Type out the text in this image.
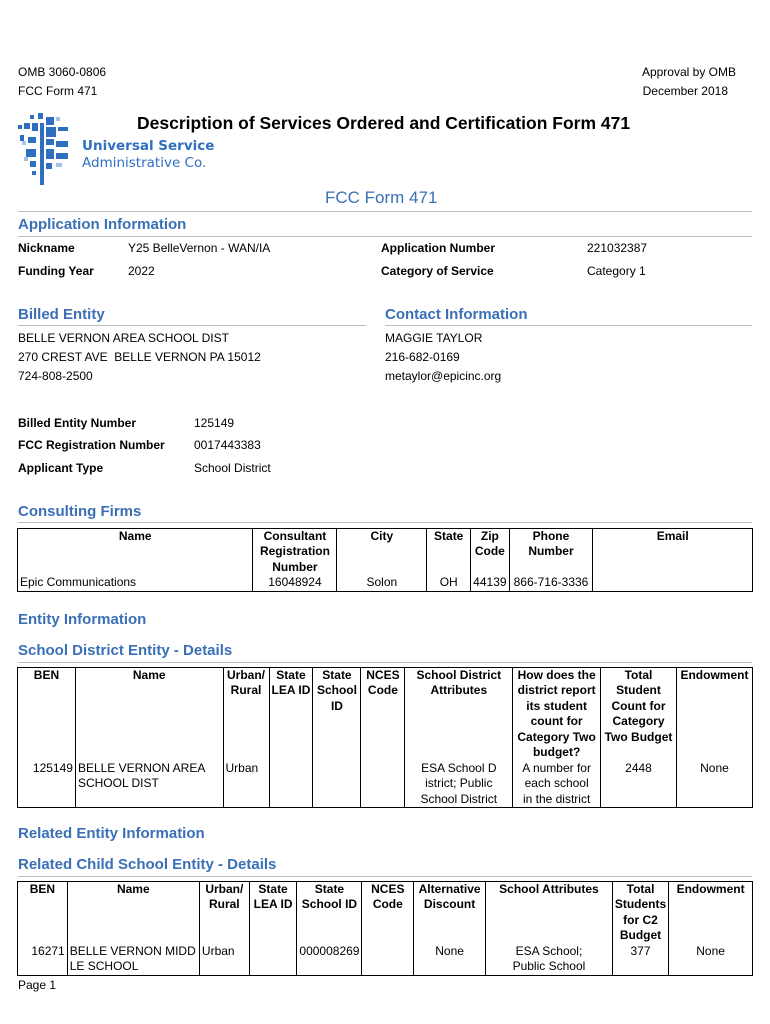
OMB 3060-0806
FCC Form 471
Approval by OMB
December 2018
Universal Service
Administrative Co.
Description of Services Ordered and Certification Form 471
FCC Form 471
Application Information
Nickname	Y25 BelleVernon - WAN/IA	Application Number	221032387
Funding Year	2022	Category of Service	Category 1
Billed Entity	Contact Information
BELLE VERNON AREA SCHOOL DIST
270 CREST AVE  BELLE VERNON PA 15012
724-808-2500
MAGGIE TAYLOR
216-682-0169
metaylor@epicinc.org
Billed Entity Number	125149
FCC Registration Number 0017443383
Applicant Type	School District
Consulting Firms
Name	Consultant Registration Number	City	State	Zip Code	Phone Number	Email
Epic Communications	16048924	Solon	OH	44139	866-716-3336	
Entity Information
School District Entity - Details
BEN	Name	Urban/ Rural	State LEA ID	State School ID	NCES Code	School District Attributes	How does the district report its student count for Category Two budget?	Total Student Count for Category Two Budget	Endowment
125149	BELLE VERNON AREA SCHOOL DIST	Urban				ESA School D istrict; Public School District	A number for each school in the district	2448	None
Related Entity Information
Related Child School Entity - Details
BEN	Name	Urban/ Rural	State LEA ID	State School ID	NCES Code	Alternative Discount	School Attributes	Total Students for C2 Budget	Endowment
16271	BELLE VERNON MIDD LE SCHOOL	Urban		000008269		None	ESA School; Public School	377	None
Page 1
